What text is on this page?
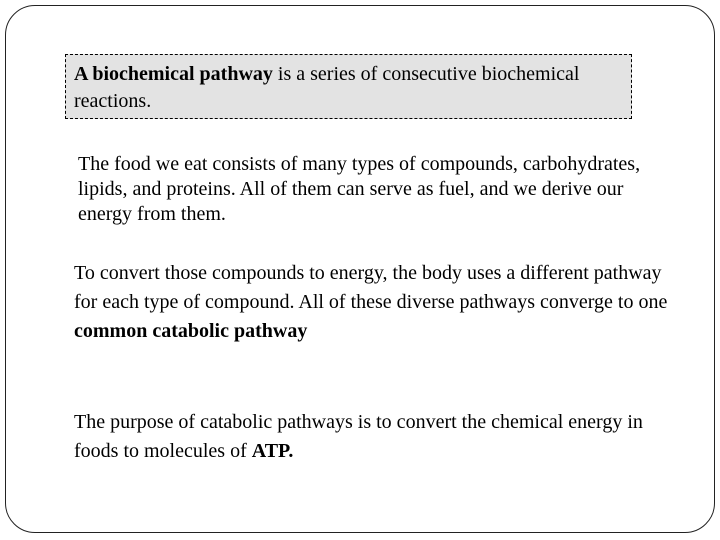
A biochemical pathway is a series of consecutive biochemical reactions.
The food we eat consists of many types of compounds, carbohydrates, lipids, and proteins. All of them can serve as fuel, and we derive our energy from them.
To convert those compounds to energy, the body uses a different pathway for each type of compound. All of these diverse pathways converge to one common catabolic pathway
The purpose of catabolic pathways is to convert the chemical energy in foods to molecules of ATP.
